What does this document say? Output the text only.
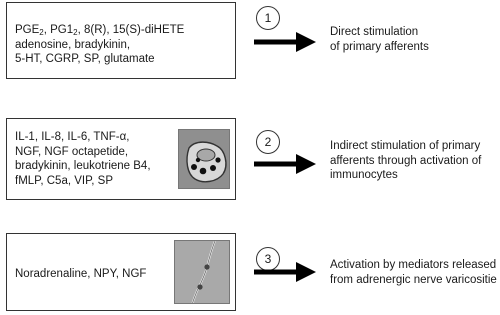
$PGE_2$, $PG1_2$, 8(R), 15(S)-diHETE
adenosine, bradykinin,
5-HT, CGRP, SP, glutamate
1
Direct stimulation
of primary afferents
IL-1, IL-8, IL-6, TNF-α,
NGF, NGF octapetide,
bradykinin, leukotriene B4,
fMLP, C5a, VIP, SP
2	Indirect stimulation of primary
afferents through activation of
immunocytes
Noradrenaline, NPY, NGF
3	Activation by mediators released
from adrenergic nerve varicositie
